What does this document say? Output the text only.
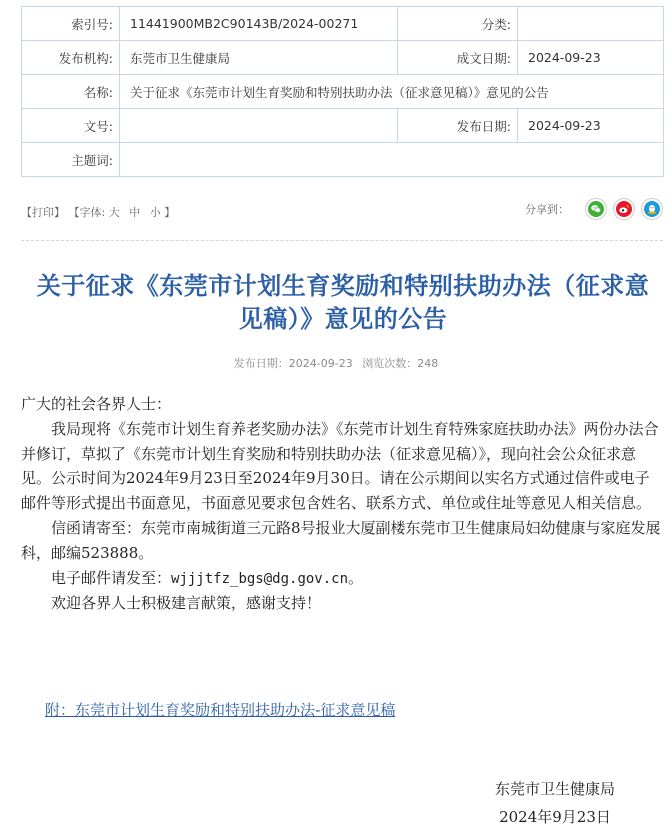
索引号:	11441900MB2C90143B/2024-00271	分类:	
发布机构:	东莞市卫生健康局	成文日期:	2024-09-23
名称:	关于征求《东莞市计划生育奖励和特别扶助办法（征求意见稿）》意见的公告		
文号:		发布日期:	2024-09-23
主题词:			
【打印】 【字体: 大 中 小 】	分享到：
关于征求《东莞市计划生育奖励和特别扶助办法（征求意
见稿）》意见的公告
发布日期：2024-09-23 浏览次数：248

广大的社会各界人士：

我局现将《东莞市计划生育养老奖励办法》《东莞市计划生育特殊家庭扶助办法》两份办法合并修订，草拟了《东莞市计划生育奖励和特别扶助办法（征求意见稿）》，现向社会公众征求意见。公示时间为2024年9月23日至2024年9月30日。请在公示期间以实名方式通过信件或电子邮件等形式提出书面意见，书面意见要求包含姓名、联系方式、单位或住址等意见人相关信息。

信函请寄至：东莞市南城街道三元路8号报业大厦副楼东莞市卫生健康局妇幼健康与家庭发展科，邮编523888。

电子邮件请发至：wjjjtfz_bgs@dg.gov.cn。

欢迎各界人士积极建言献策，感谢支持！

附：东莞市计划生育奖励和特别扶助办法-征求意见稿
东莞市卫生健康局
2024年9月23日
